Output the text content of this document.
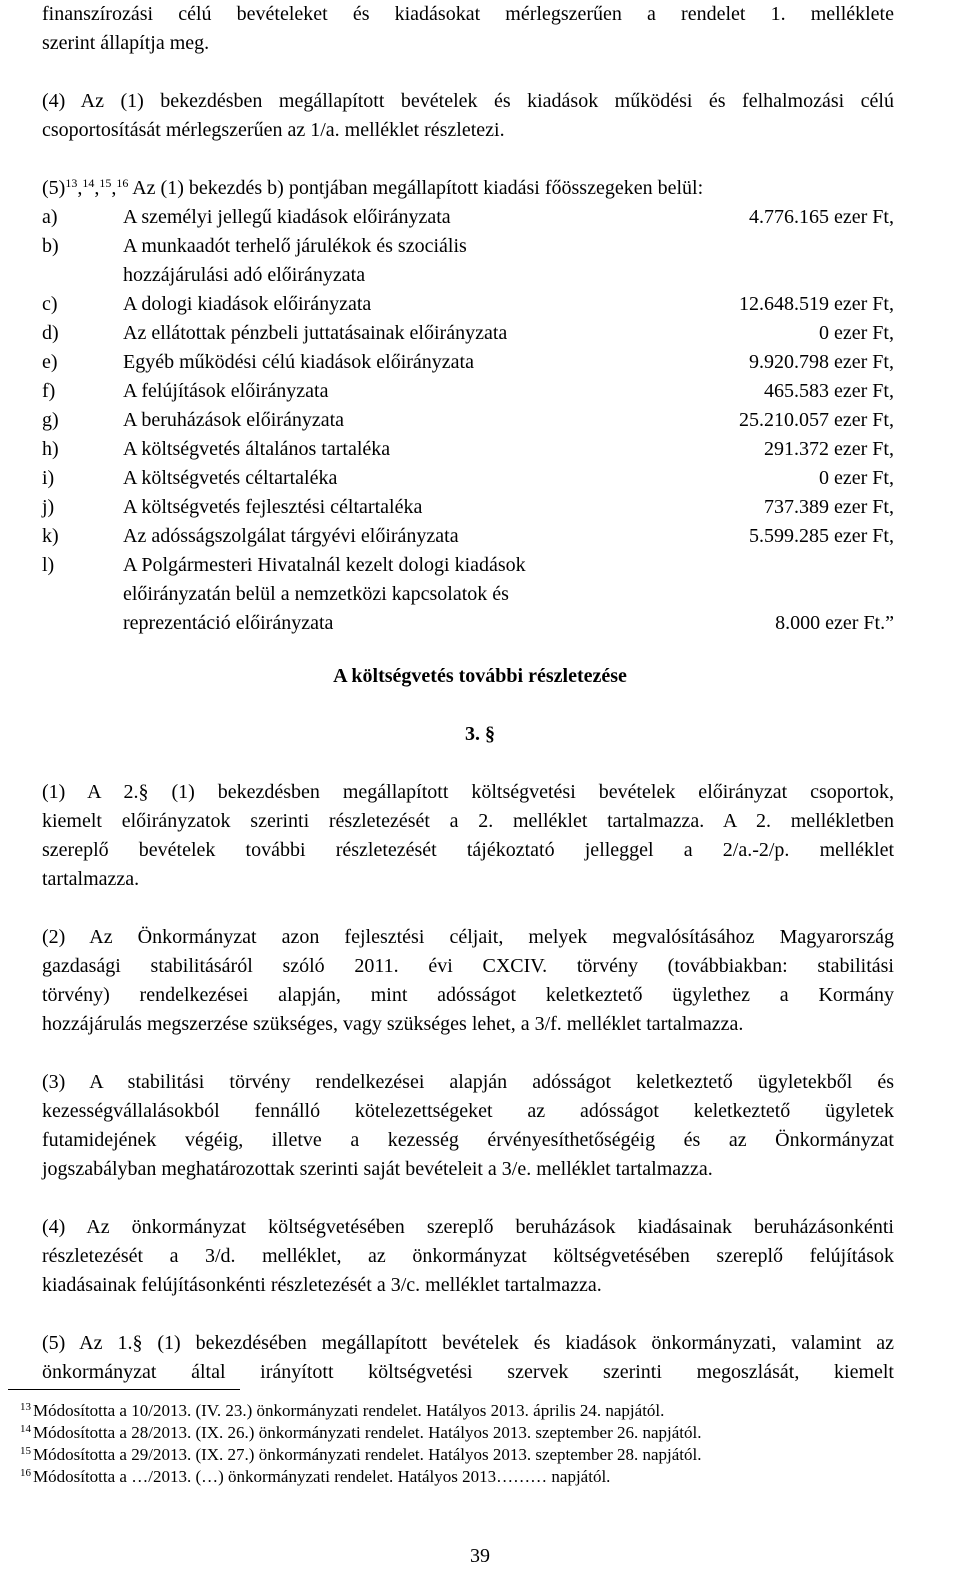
finanszírozási célú bevételeket és kiadásokat mérlegszerűen a rendelet 1. melléklete
szerint állapítja meg.
(4) Az (1) bekezdésben megállapított bevételek és kiadások működési és felhalmozási célú
csoportosítását mérlegszerűen az 1/a. melléklet részletezi.
$(5)^{13},^{14},^{15},^{16}$ Az (1) bekezdés b) pontjában megállapított kiadási főösszegeken belül:
a)	A személyi jellegű kiadások előirányzata	4.776.165 ezer Ft,
b)	A munkaadót terhelő járulékok és szociális
hozzájárulási adó előirányzata
c)	A dologi kiadások előirányzata	12.648.519 ezer Ft,
d)	Az ellátottak pénzbeli juttatásainak előirányzata	0 ezer Ft,
e)	Egyéb működési célú kiadások előirányzata	9.920.798 ezer Ft,
f)	A felújítások előirányzata	465.583 ezer Ft,
g)	A beruházások előirányzata	25.210.057 ezer Ft,
h)	A költségvetés általános tartaléka	291.372 ezer Ft,
i)	A költségvetés céltartaléka	0 ezer Ft,
j)	A költségvetés fejlesztési céltartaléka	737.389 ezer Ft,
k)	Az adósságszolgálat tárgyévi előirányzata	5.599.285 ezer Ft,
l)	A Polgármesteri Hivatalnál kezelt dologi kiadások
előirányzatán belül a nemzetközi kapcsolatok és
reprezentáció előirányzata	8.000 ezer Ft.”
A költségvetés további részletezése
3. §
(1) A 2.§ (1) bekezdésben megállapított költségvetési bevételek előirányzat csoportok,
kiemelt előirányzatok szerinti részletezését a 2. melléklet tartalmazza. A 2. mellékletben
szereplő bevételek további részletezését tájékoztató jelleggel a 2/a.-2/p. melléklet
tartalmazza.
(2) Az Önkormányzat azon fejlesztési céljait, melyek megvalósításához Magyarország
gazdasági stabilitásáról szóló 2011. évi CXCIV. törvény (továbbiakban: stabilitási
törvény) rendelkezései alapján, mint adósságot keletkeztető ügylethez a Kormány
hozzájárulás megszerzése szükséges, vagy szükséges lehet, a 3/f. melléklet tartalmazza.
(3) A stabilitási törvény rendelkezései alapján adósságot keletkeztető ügyletekből és
kezességvállalásokból fennálló kötelezettségeket az adósságot keletkeztető ügyletek
futamidejének végéig, illetve a kezesség érvényesíthetőségéig és az Önkormányzat
jogszabályban meghatározottak szerinti saját bevételeit a 3/e. melléklet tartalmazza.
(4) Az önkormányzat költségvetésében szereplő beruházások kiadásainak beruházásonkénti
részletezését a 3/d. melléklet, az önkormányzat költségvetésében szereplő felújítások
kiadásainak felújításonkénti részletezését a 3/c. melléklet tartalmazza.
(5) Az 1.§ (1) bekezdésében megállapított bevételek és kiadások önkormányzati, valamint az
önkormányzat által irányított költségvetési szervek szerinti megoszlását, kiemelt
$^{13}$ Módosította a 10/2013. (IV. 23.) önkormányzati rendelet. Hatályos 2013. április 24. napjától.
$^{14}$ Módosította a 28/2013. (IX. 26.) önkormányzati rendelet. Hatályos 2013. szeptember 26. napjától.
$^{15}$ Módosította a 29/2013. (IX. 27.) önkormányzati rendelet. Hatályos 2013. szeptember 28. napjától.
$^{16}$ Módosította a …/2013. (…) önkormányzati rendelet. Hatályos 2013……… napjától.
39
